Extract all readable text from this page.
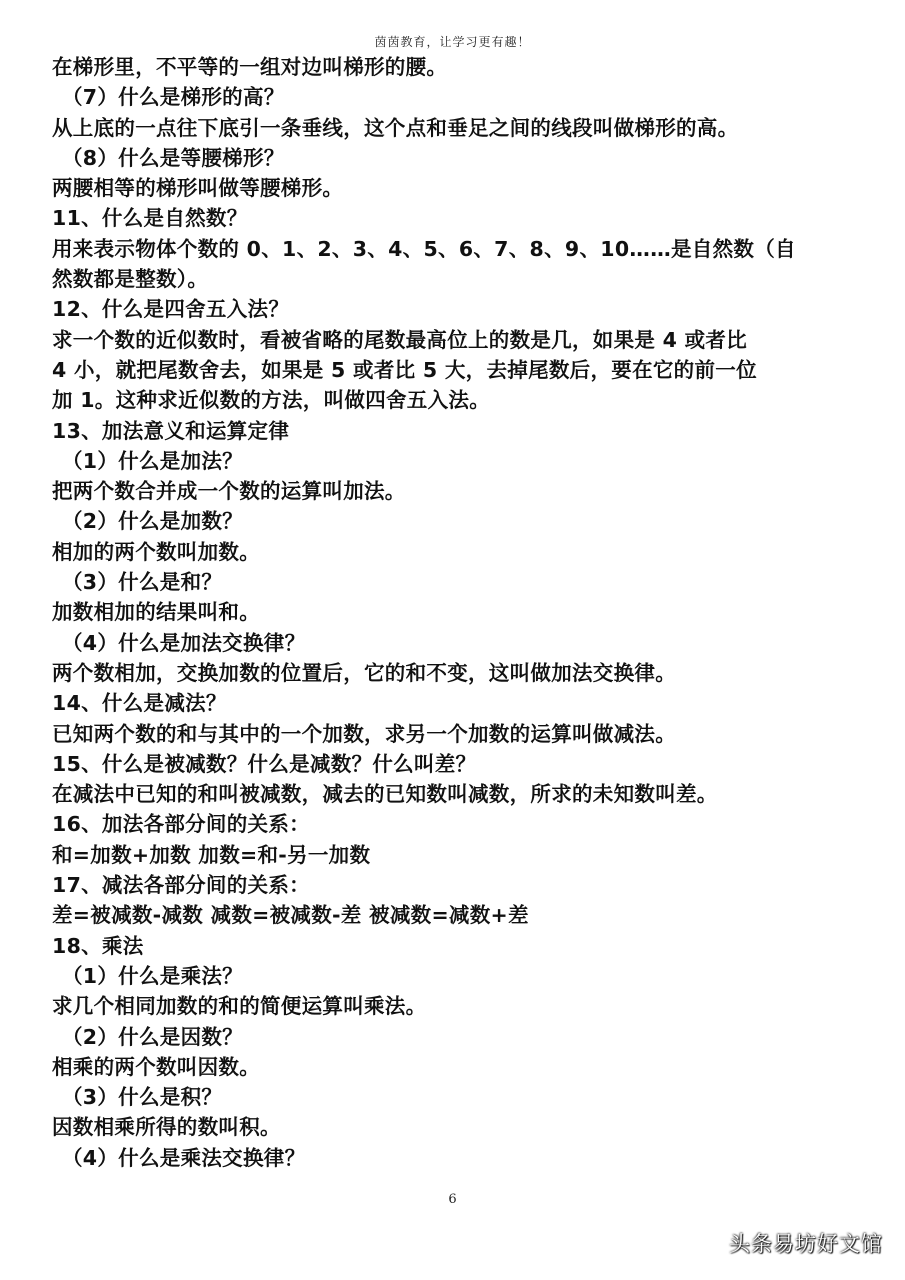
茵茵教育，让学习更有趣！
在梯形里，不平等的一组对边叫梯形的腰。
（7）什么是梯形的高？
从上底的一点往下底引一条垂线，这个点和垂足之间的线段叫做梯形的高。
（8）什么是等腰梯形？
两腰相等的梯形叫做等腰梯形。
11、什么是自然数？
用来表示物体个数的 0、1、2、3、4、5、6、7、8、9、10……是自然数（自
然数都是整数）。
12、什么是四舍五入法？
求一个数的近似数时，看被省略的尾数最高位上的数是几，如果是 4 或者比
4 小，就把尾数舍去，如果是 5 或者比 5 大，去掉尾数后，要在它的前一位
加 1。这种求近似数的方法，叫做四舍五入法。
13、加法意义和运算定律
（1）什么是加法？
把两个数合并成一个数的运算叫加法。
（2）什么是加数？
相加的两个数叫加数。
（3）什么是和？
加数相加的结果叫和。
（4）什么是加法交换律？
两个数相加，交换加数的位置后，它的和不变，这叫做加法交换律。
14、什么是减法？
已知两个数的和与其中的一个加数，求另一个加数的运算叫做减法。
15、什么是被减数？什么是减数？什么叫差？
在减法中已知的和叫被减数，减去的已知数叫减数，所求的未知数叫差。
16、加法各部分间的关系：
和=加数+加数 加数=和-另一加数
17、减法各部分间的关系：
差=被减数-减数 减数=被减数-差 被减数=减数+差
18、乘法
（1）什么是乘法？
求几个相同加数的和的简便运算叫乘法。
（2）什么是因数？
相乘的两个数叫因数。
（3）什么是积？
因数相乘所得的数叫积。
（4）什么是乘法交换律？
6
头条易坊好文馆
